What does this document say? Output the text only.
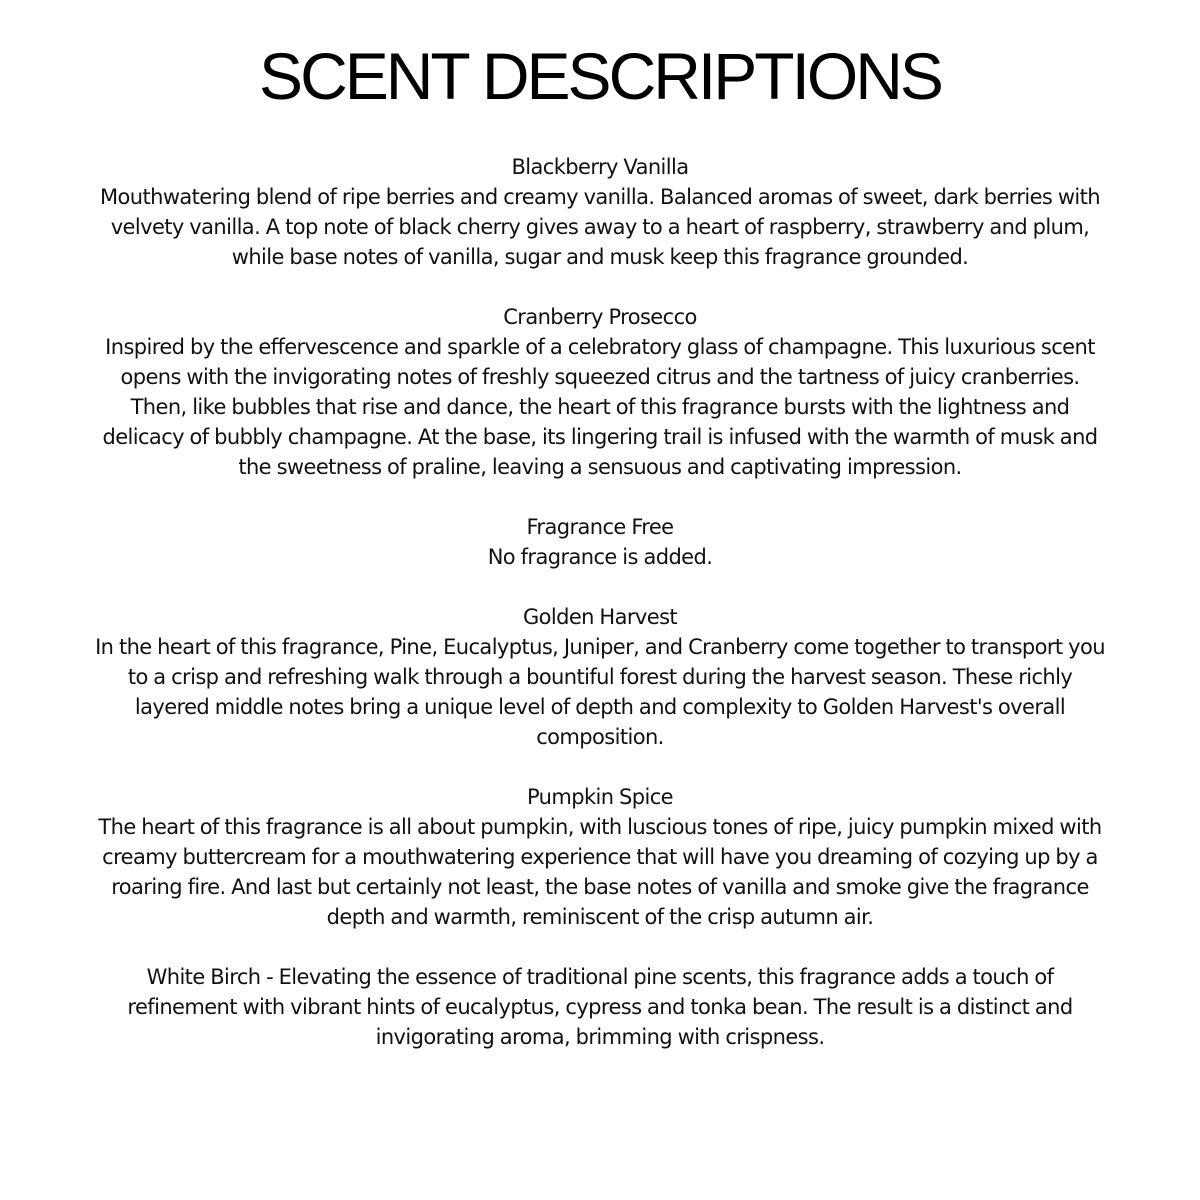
SCENT DESCRIPTIONS
Blackberry Vanilla
Mouthwatering blend of ripe berries and creamy vanilla. Balanced aromas of sweet, dark berries with velvety vanilla. A top note of black cherry gives away to a heart of raspberry, strawberry and plum, while base notes of vanilla, sugar and musk keep this fragrance grounded.
Cranberry Prosecco
Inspired by the effervescence and sparkle of a celebratory glass of champagne. This luxurious scent opens with the invigorating notes of freshly squeezed citrus and the tartness of juicy cranberries. Then, like bubbles that rise and dance, the heart of this fragrance bursts with the lightness and delicacy of bubbly champagne. At the base, its lingering trail is infused with the warmth of musk and the sweetness of praline, leaving a sensuous and captivating impression.
Fragrance Free
No fragrance is added.
Golden Harvest
In the heart of this fragrance, Pine, Eucalyptus, Juniper, and Cranberry come together to transport you to a crisp and refreshing walk through a bountiful forest during the harvest season. These richly layered middle notes bring a unique level of depth and complexity to Golden Harvest's overall composition.
Pumpkin Spice
The heart of this fragrance is all about pumpkin, with luscious tones of ripe, juicy pumpkin mixed with creamy buttercream for a mouthwatering experience that will have you dreaming of cozying up by a roaring fire. And last but certainly not least, the base notes of vanilla and smoke give the fragrance depth and warmth, reminiscent of the crisp autumn air.
White Birch - Elevating the essence of traditional pine scents, this fragrance adds a touch of refinement with vibrant hints of eucalyptus, cypress and tonka bean. The result is a distinct and invigorating aroma, brimming with crispness.
